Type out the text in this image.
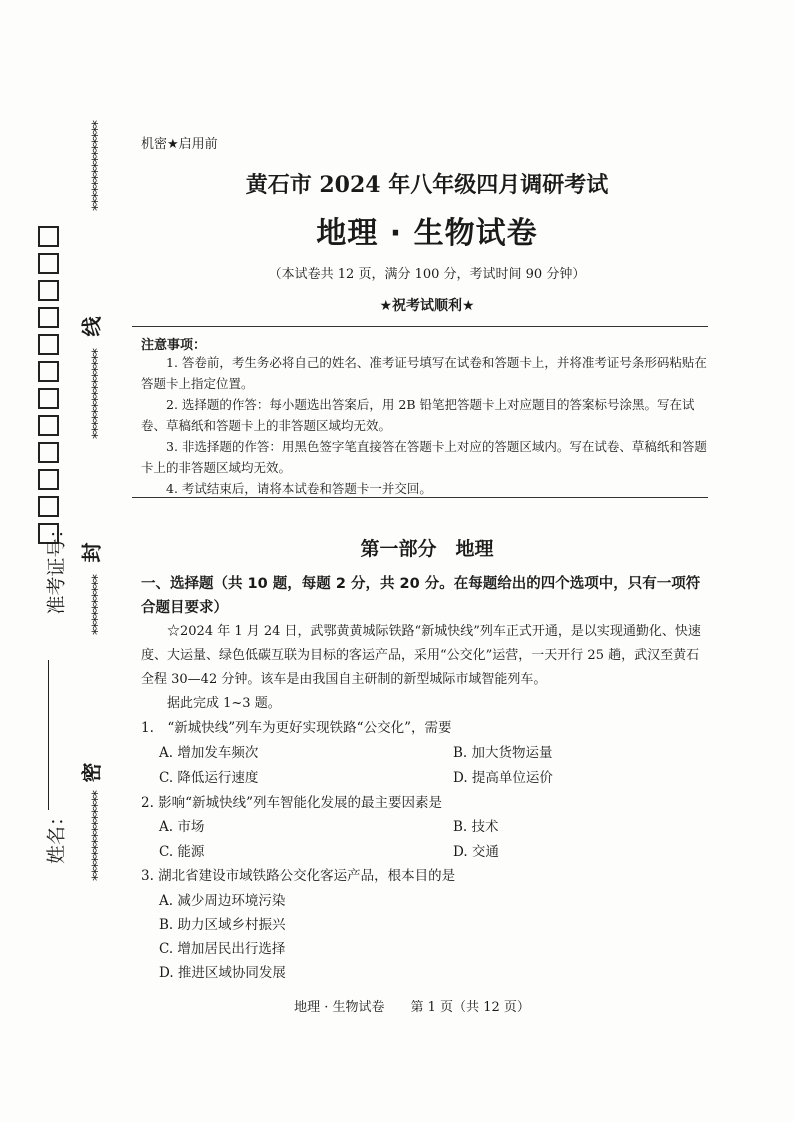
***************
线
***************
封
**********
密
***************
准考证号：
姓名：
机密★启用前
黄石市 2024 年八年级四月调研考试
地理 · 生物试卷
（本试卷共 12 页，满分 100 分，考试时间 90 分钟）
★祝考试顺利★
注意事项：

1. 答卷前，考生务必将自己的姓名、准考证号填写在试卷和答题卡上，并将准考证号条形码粘贴在答题卡上指定位置。

2. 选择题的作答：每小题选出答案后，用 2B 铅笔把答题卡上对应题目的答案标号涂黑。写在试卷、草稿纸和答题卡上的非答题区域均无效。

3. 非选择题的作答：用黑色签字笔直接答在答题卡上对应的答题区域内。写在试卷、草稿纸和答题卡上的非答题区域均无效。

4. 考试结束后，请将本试卷和答题卡一并交回。

第一部分　地理
一、选择题（共 10 题，每题 2 分，共 20 分。在每题给出的四个选项中，只有一项符合题目要求）

☆2024 年 1 月 24 日，武鄂黄黄城际铁路“新城快线”列车正式开通，是以实现通勤化、快速度、大运量、绿色低碳互联为目标的客运产品，采用“公交化”运营，一天开行 25 趟，武汉至黄石全程 30—42 分钟。该车是由我国自主研制的新型城际市域智能列车。

据此完成 1~3 题。

1.　“新城快线”列车为更好实现铁路“公交化”，需要
A. 增加发车频次	B. 加大货物运量
C. 降低运行速度	D. 提高单位运价
2. 影响“新城快线”列车智能化发展的最主要因素是
A. 市场	B. 技术
C. 能源	D. 交通
3. 湖北省建设市域铁路公交化客运产品，根本目的是
A. 减少周边环境污染
B. 助力区域乡村振兴
C. 增加居民出行选择
D. 推进区域协同发展
地理 · 生物试卷　　第 1 页（共 12 页）
